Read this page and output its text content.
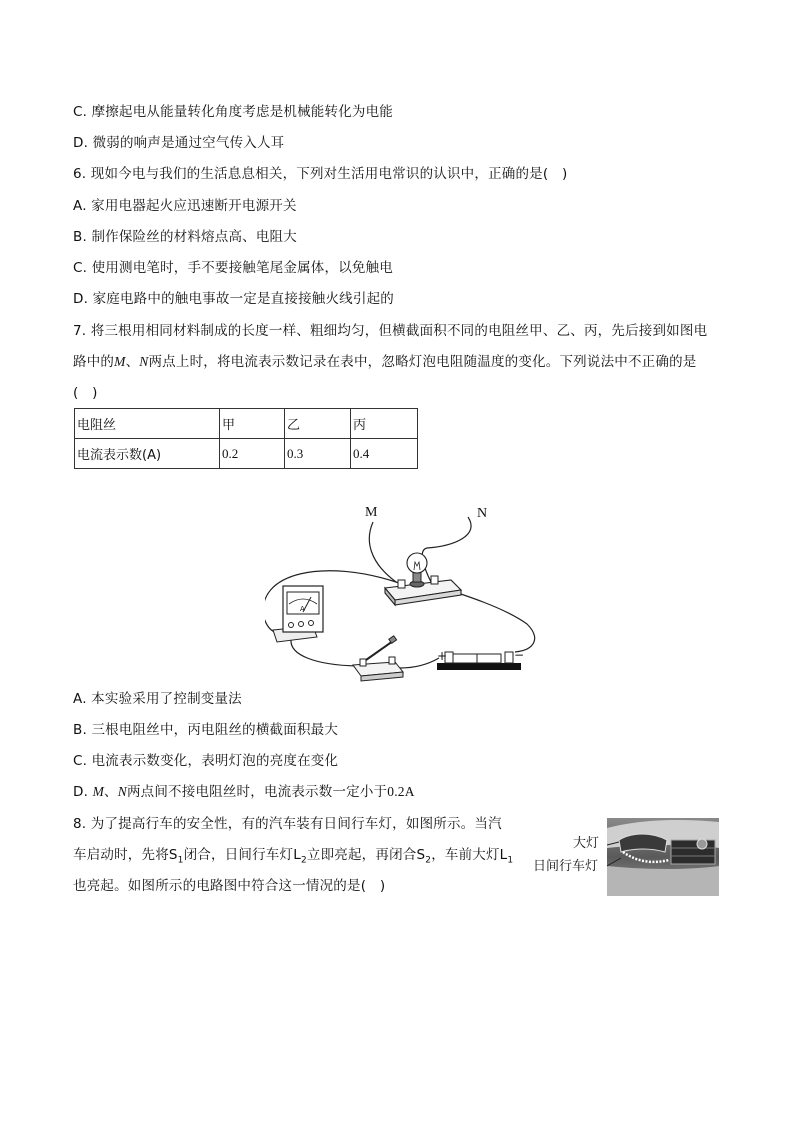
C. 摩擦起电从能量转化角度考虑是机械能转化为电能
D. 微弱的响声是通过空气传入人耳
6. 现如今电与我们的生活息息相关，下列对生活用电常识的认识中，正确的是(　)
A. 家用电器起火应迅速断开电源开关
B. 制作保险丝的材料熔点高、电阻大
C. 使用测电笔时，手不要接触笔尾金属体，以免触电
D. 家庭电路中的触电事故一定是直接接触火线引起的
7. 将三根用相同材料制成的长度一样、粗细均匀，但横截面积不同的电阻丝甲、乙、丙，先后接到如图电
路中的M、N两点上时，将电流表示数记录在表中，忽略灯泡电阻随温度的变化。下列说法中不正确的是
(　)
电阻丝	甲	乙	丙
电流表示数(A)	0.2	0.3	0.4
M	N
A
+	−
A. 本实验采用了控制变量法
B. 三根电阻丝中，丙电阻丝的横截面积最大
C. 电流表示数变化，表明灯泡的亮度在变化
D. M、N两点间不接电阻丝时，电流表示数一定小于0.2A
8. 为了提高行车的安全性，有的汽车装有日间行车灯，如图所示。当汽
车启动时，先将$S_1$闭合，日间行车灯$L_2$立即亮起，再闭合$S_2$，车前大灯$L_1$
也亮起。如图所示的电路图中符合这一情况的是(　)
大灯
日间行车灯
